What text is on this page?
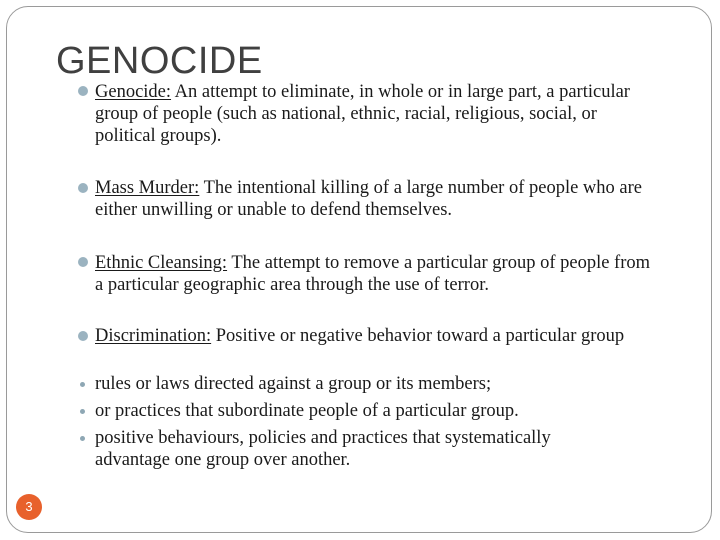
GENOCIDE

Genocide: An attempt to eliminate, in whole or in large part, a particular group of people (such as national, ethnic, racial, religious, social, or political groups).

Mass Murder: The intentional killing of a large number of people who are either unwilling or unable to defend themselves.

Ethnic Cleansing: The attempt to remove a particular group of people from a particular geographic area through the use of terror.

Discrimination: Positive or negative behavior toward a particular group

rules or laws directed against a group or its members;

or practices that subordinate people of a particular group.

positive behaviours, policies and practices that systematically advantage one group over another.

3
